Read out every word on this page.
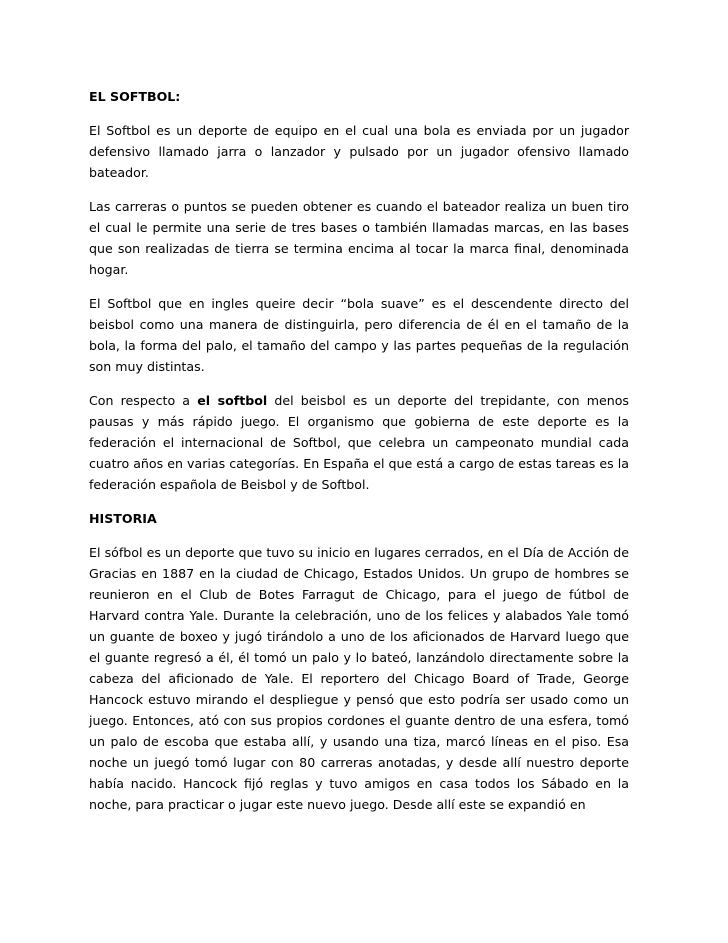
EL SOFTBOL:

El Softbol es un deporte de equipo en el cual una bola es enviada por un jugador defensivo llamado jarra o lanzador y pulsado por un jugador ofensivo llamado bateador.

Las carreras o puntos se pueden obtener es cuando el bateador realiza un buen tiro el cual le permite una serie de tres bases o también llamadas marcas, en las bases que son realizadas de tierra se termina encima al tocar la marca final, denominada hogar.

El Softbol que en ingles queire decir “bola suave” es el descendente directo del beisbol como una manera de distinguirla, pero diferencia de él en el tamaño de la bola, la forma del palo, el tamaño del campo y las partes pequeñas de la regulación son muy distintas.

Con respecto a el softbol del beisbol es un deporte del trepidante, con menos pausas y más rápido juego. El organismo que gobierna de este deporte es la federación el internacional de Softbol, que celebra un campeonato mundial cada cuatro años en varias categorías. En España el que está a cargo de estas tareas es la federación española de Beisbol y de Softbol.

HISTORIA

El sófbol es un deporte que tuvo su inicio en lugares cerrados, en el Día de Acción de Gracias en 1887 en la ciudad de Chicago, Estados Unidos. Un grupo de hombres se reunieron en el Club de Botes Farragut de Chicago, para el juego de fútbol de Harvard contra Yale. Durante la celebración, uno de los felices y alabados Yale tomó un guante de boxeo y jugó tirándolo a uno de los aficionados de Harvard luego que el guante regresó a él, él tomó un palo y lo bateó, lanzándolo directamente sobre la cabeza del aficionado de Yale. El reportero del Chicago Board of Trade, George Hancock estuvo mirando el despliegue y pensó que esto podría ser usado como un juego. Entonces, ató con sus propios cordones el guante dentro de una esfera, tomó un palo de escoba que estaba allí, y usando una tiza, marcó líneas en el piso. Esa noche un juegó tomó lugar con 80 carreras anotadas, y desde allí nuestro deporte había nacido. Hancock fijó reglas y tuvo amigos en casa todos los Sábado en la noche, para practicar o jugar este nuevo juego. Desde allí este se expandió en
